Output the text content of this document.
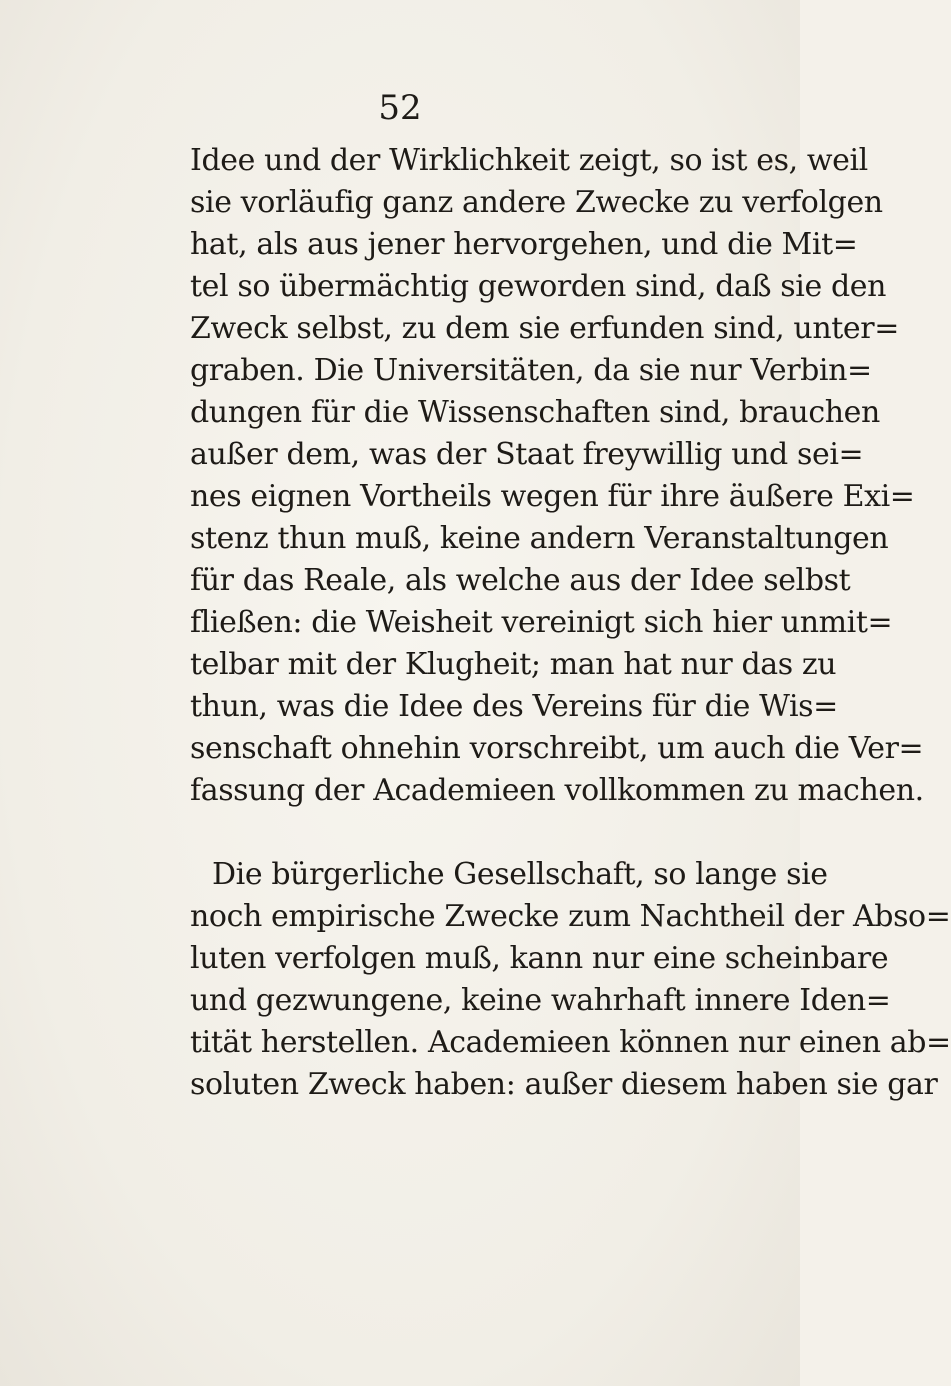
52
Idee und der Wirklichkeit zeigt, so ist es, weil
sie vorläufig ganz andere Zwecke zu verfolgen
hat, als aus jener hervorgehen, und die Mit=
tel so übermächtig geworden sind, daß sie den
Zweck selbst, zu dem sie erfunden sind, unter=
graben. Die Universitäten, da sie nur Verbin=
dungen für die Wissenschaften sind, brauchen
außer dem, was der Staat freywillig und sei=
nes eignen Vortheils wegen für ihre äußere Exi=
stenz thun muß, keine andern Veranstaltungen
für das Reale, als welche aus der Idee selbst
fließen: die Weisheit vereinigt sich hier unmit=
telbar mit der Klugheit; man hat nur das zu
thun, was die Idee des Vereins für die Wis=
senschaft ohnehin vorschreibt, um auch die Ver=
fassung der Academieen vollkommen zu machen.
Die bürgerliche Gesellschaft, so lange sie
noch empirische Zwecke zum Nachtheil der Abso=
luten verfolgen muß, kann nur eine scheinbare
und gezwungene, keine wahrhaft innere Iden=
tität herstellen. Academieen können nur einen ab=
soluten Zweck haben: außer diesem haben sie gar
